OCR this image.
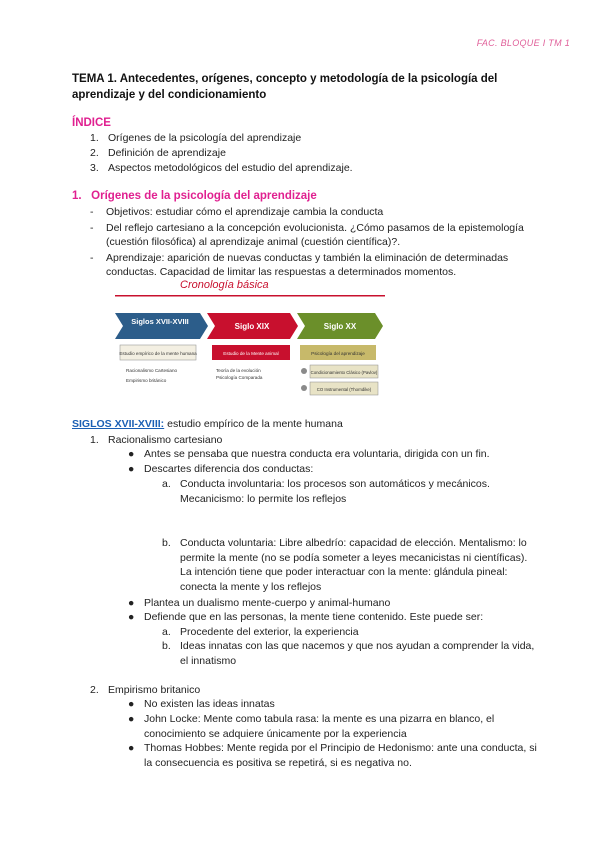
FAC. BLOQUE I TM 1
TEMA 1. Antecedentes, orígenes, concepto y metodología de la psicología del aprendizaje y del condicionamiento
ÍNDICE
1. Orígenes de la psicología del aprendizaje
2. Definición de aprendizaje
3. Aspectos metodológicos del estudio del aprendizaje.
1.   Orígenes de la psicología del aprendizaje
- Objetivos: estudiar cómo el aprendizaje cambia la conducta
- Del reflejo cartesiano a la concepción evolucionista. ¿Cómo pasamos de la epistemología (cuestión filosófica) al aprendizaje animal (cuestión científica)?.
- Aprendizaje: aparición de nuevas conductas y también la eliminación de determinadas conductas. Capacidad de limitar las respuestas a determinados momentos.
Cronología básica
Siglos XVII-XVIII
Siglo XIX	Siglo XX
Estudio empírico de la mente humana	Estudio de la Mente animal	Psicología del aprendizaje
Racionalismo Cartesiano
Empirismo británico
Teoría de la evolución
Psicología Comparada
Condicionamiento Clásico (Pavlov)
CO Instrumental (Thorndike)
SIGLOS XVII-XVIII: estudio empírico de la mente humana
1. Racionalismo cartesiano
● Antes se pensaba que nuestra conducta era voluntaria, dirigida con un fin.
● Descartes diferencia dos conductas:
a. Conducta involuntaria: los procesos son automáticos y mecánicos. Mecanicismo: lo permite los reflejos
b. Conducta voluntaria: Libre albedrío: capacidad de elección. Mentalismo: lo permite la mente (no se podía someter a leyes mecanicistas ni científicas). La intención tiene que poder interactuar con la mente: glándula pineal: conecta la mente y los reflejos
● Plantea un dualismo mente-cuerpo y animal-humano
● Defiende que en las personas, la mente tiene contenido. Este puede ser:
a. Procedente del exterior, la experiencia
b. Ideas innatas con las que nacemos y que nos ayudan a comprender la vida, el innatismo
2. Empirismo britanico
● No existen las ideas innatas
● John Locke: Mente como tabula rasa: la mente es una pizarra en blanco, el conocimiento se adquiere únicamente por la experiencia
● Thomas Hobbes: Mente regida por el Principio de Hedonismo: ante una conducta, si la consecuencia es positiva se repetirá, si es negativa no.
